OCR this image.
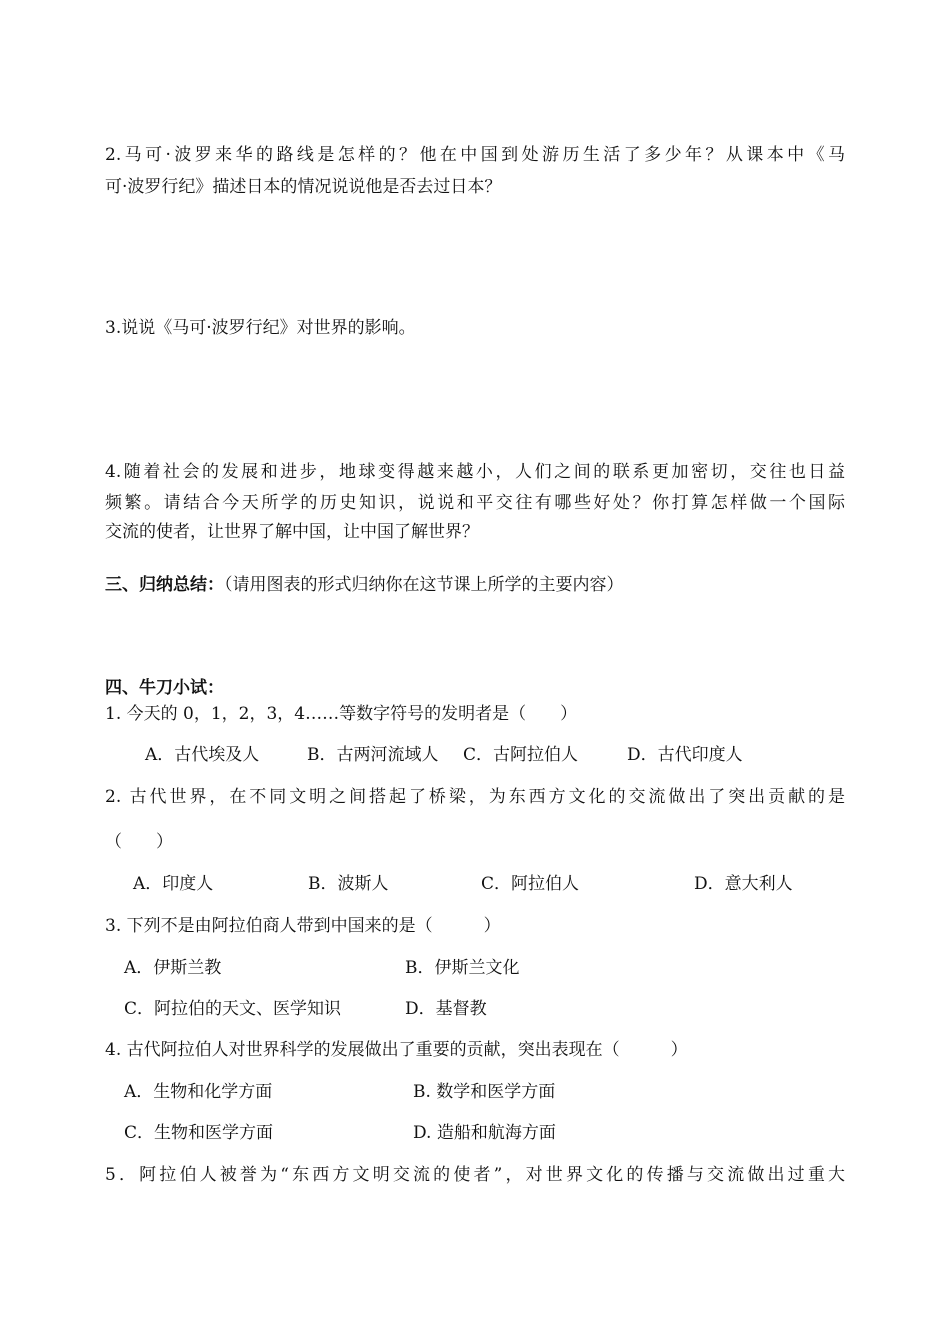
2.马可·波罗来华的路线是怎样的？他在中国到处游历生活了多少年？从课本中《马
可·波罗行纪》描述日本的情况说说他是否去过日本？
3.说说《马可·波罗行纪》对世界的影响。
4.随着社会的发展和进步，地球变得越来越小，人们之间的联系更加密切，交往也日益
频繁。请结合今天所学的历史知识，说说和平交往有哪些好处？你打算怎样做一个国际
交流的使者，让世界了解中国，让中国了解世界？
三、归纳总结：（请用图表的形式归纳你在这节课上所学的主要内容）
四、牛刀小试：
1. 今天的 0，1，2，3，4……等数字符号的发明者是（　　）
A．古代埃及人	B．古两河流域人 C．古阿拉伯人	D．古代印度人
2. 古代世界，在不同文明之间搭起了桥梁，为东西方文化的交流做出了突出贡献的是
（　　）
A．印度人	B．波斯人	C．阿拉伯人	D．意大利人
3. 下列不是由阿拉伯商人带到中国来的是（　　　）
A．伊斯兰教	B．伊斯兰文化
C．阿拉伯的天文、医学知识	D．基督教
4. 古代阿拉伯人对世界科学的发展做出了重要的贡献，突出表现在（　　　）
A．生物和化学方面	B. 数学和医学方面
C．生物和医学方面	D. 造船和航海方面
5．阿拉伯人被誉为“东西方文明交流的使者”，对世界文化的传播与交流做出过重大
